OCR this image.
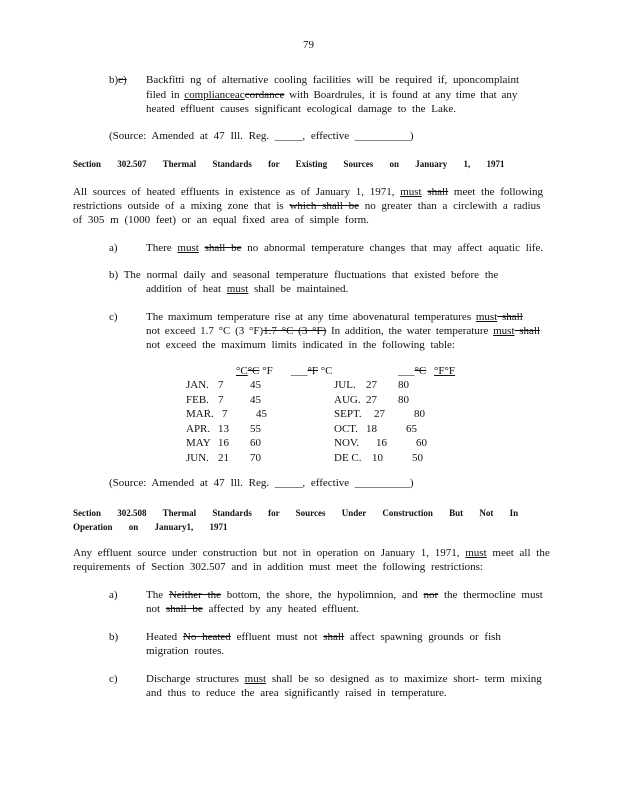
79
b)c) Backfitti ng of alternative cooling facilities will be required if, uponcomplaint
filed in complianceaccordance with Boardrules, it is found at any time that any
heated effluent causes significant ecological damage to the Lake.
(Source: Amended at 47 Ill. Reg. _____, effective __________)
Section 302.507 Thermal Standards for Existing Sources on January 1, 1971
All sources of heated effluents in existence as of January 1, 1971, must shall meet the following
restrictions outside of a mixing zone that is which shall be no greater than a circlewith a radius
of 305 m (1000 feet) or an equal fixed area of simple form.
a)	There must shall be no abnormal temperature changes that may affect aquatic life.
b) The normal daily and seasonal temperature fluctuations that existed before the
addition of heat must shall be maintained.
c)	The maximum temperature rise at any time abovenatural temperatures must shall
not exceed 1.7 °C (3 °F)1.7 °C (3 °F) In addition, the water temperature must shall
not exceed the maximum limits indicated in the following table:
°C°C °F ___°F °C	___°C °F°F
JAN. 7 45
FEB. 7 45
MAR. 7	45
APR. 13 55
MAY 16 60
JUN. 21 70
JUL. 27 80
AUG. 27 80
SEPT. 27	80
OCT. 18	65
NOV. 16	60
DE C. 10	50
(Source: Amended at 47 Ill. Reg. _____, effective __________)
Section 302.508 Thermal Standards for Sources Under Construction But Not In
Operation on January1, 1971
Any effluent source under construction but not in operation on January 1, 1971, must meet all the
requirements of Section 302.507 and in addition must meet the following restrictions:
a)	The Neither the bottom, the shore, the hypolimnion, and nor the thermocline must
not shall be affected by any heated effluent.
b)	Heated No heated effluent must not shall affect spawning grounds or fish
migration routes.
c)	Discharge structures must shall be so designed as to maximize short- term mixing
and thus to reduce the area significantly raised in temperature.
